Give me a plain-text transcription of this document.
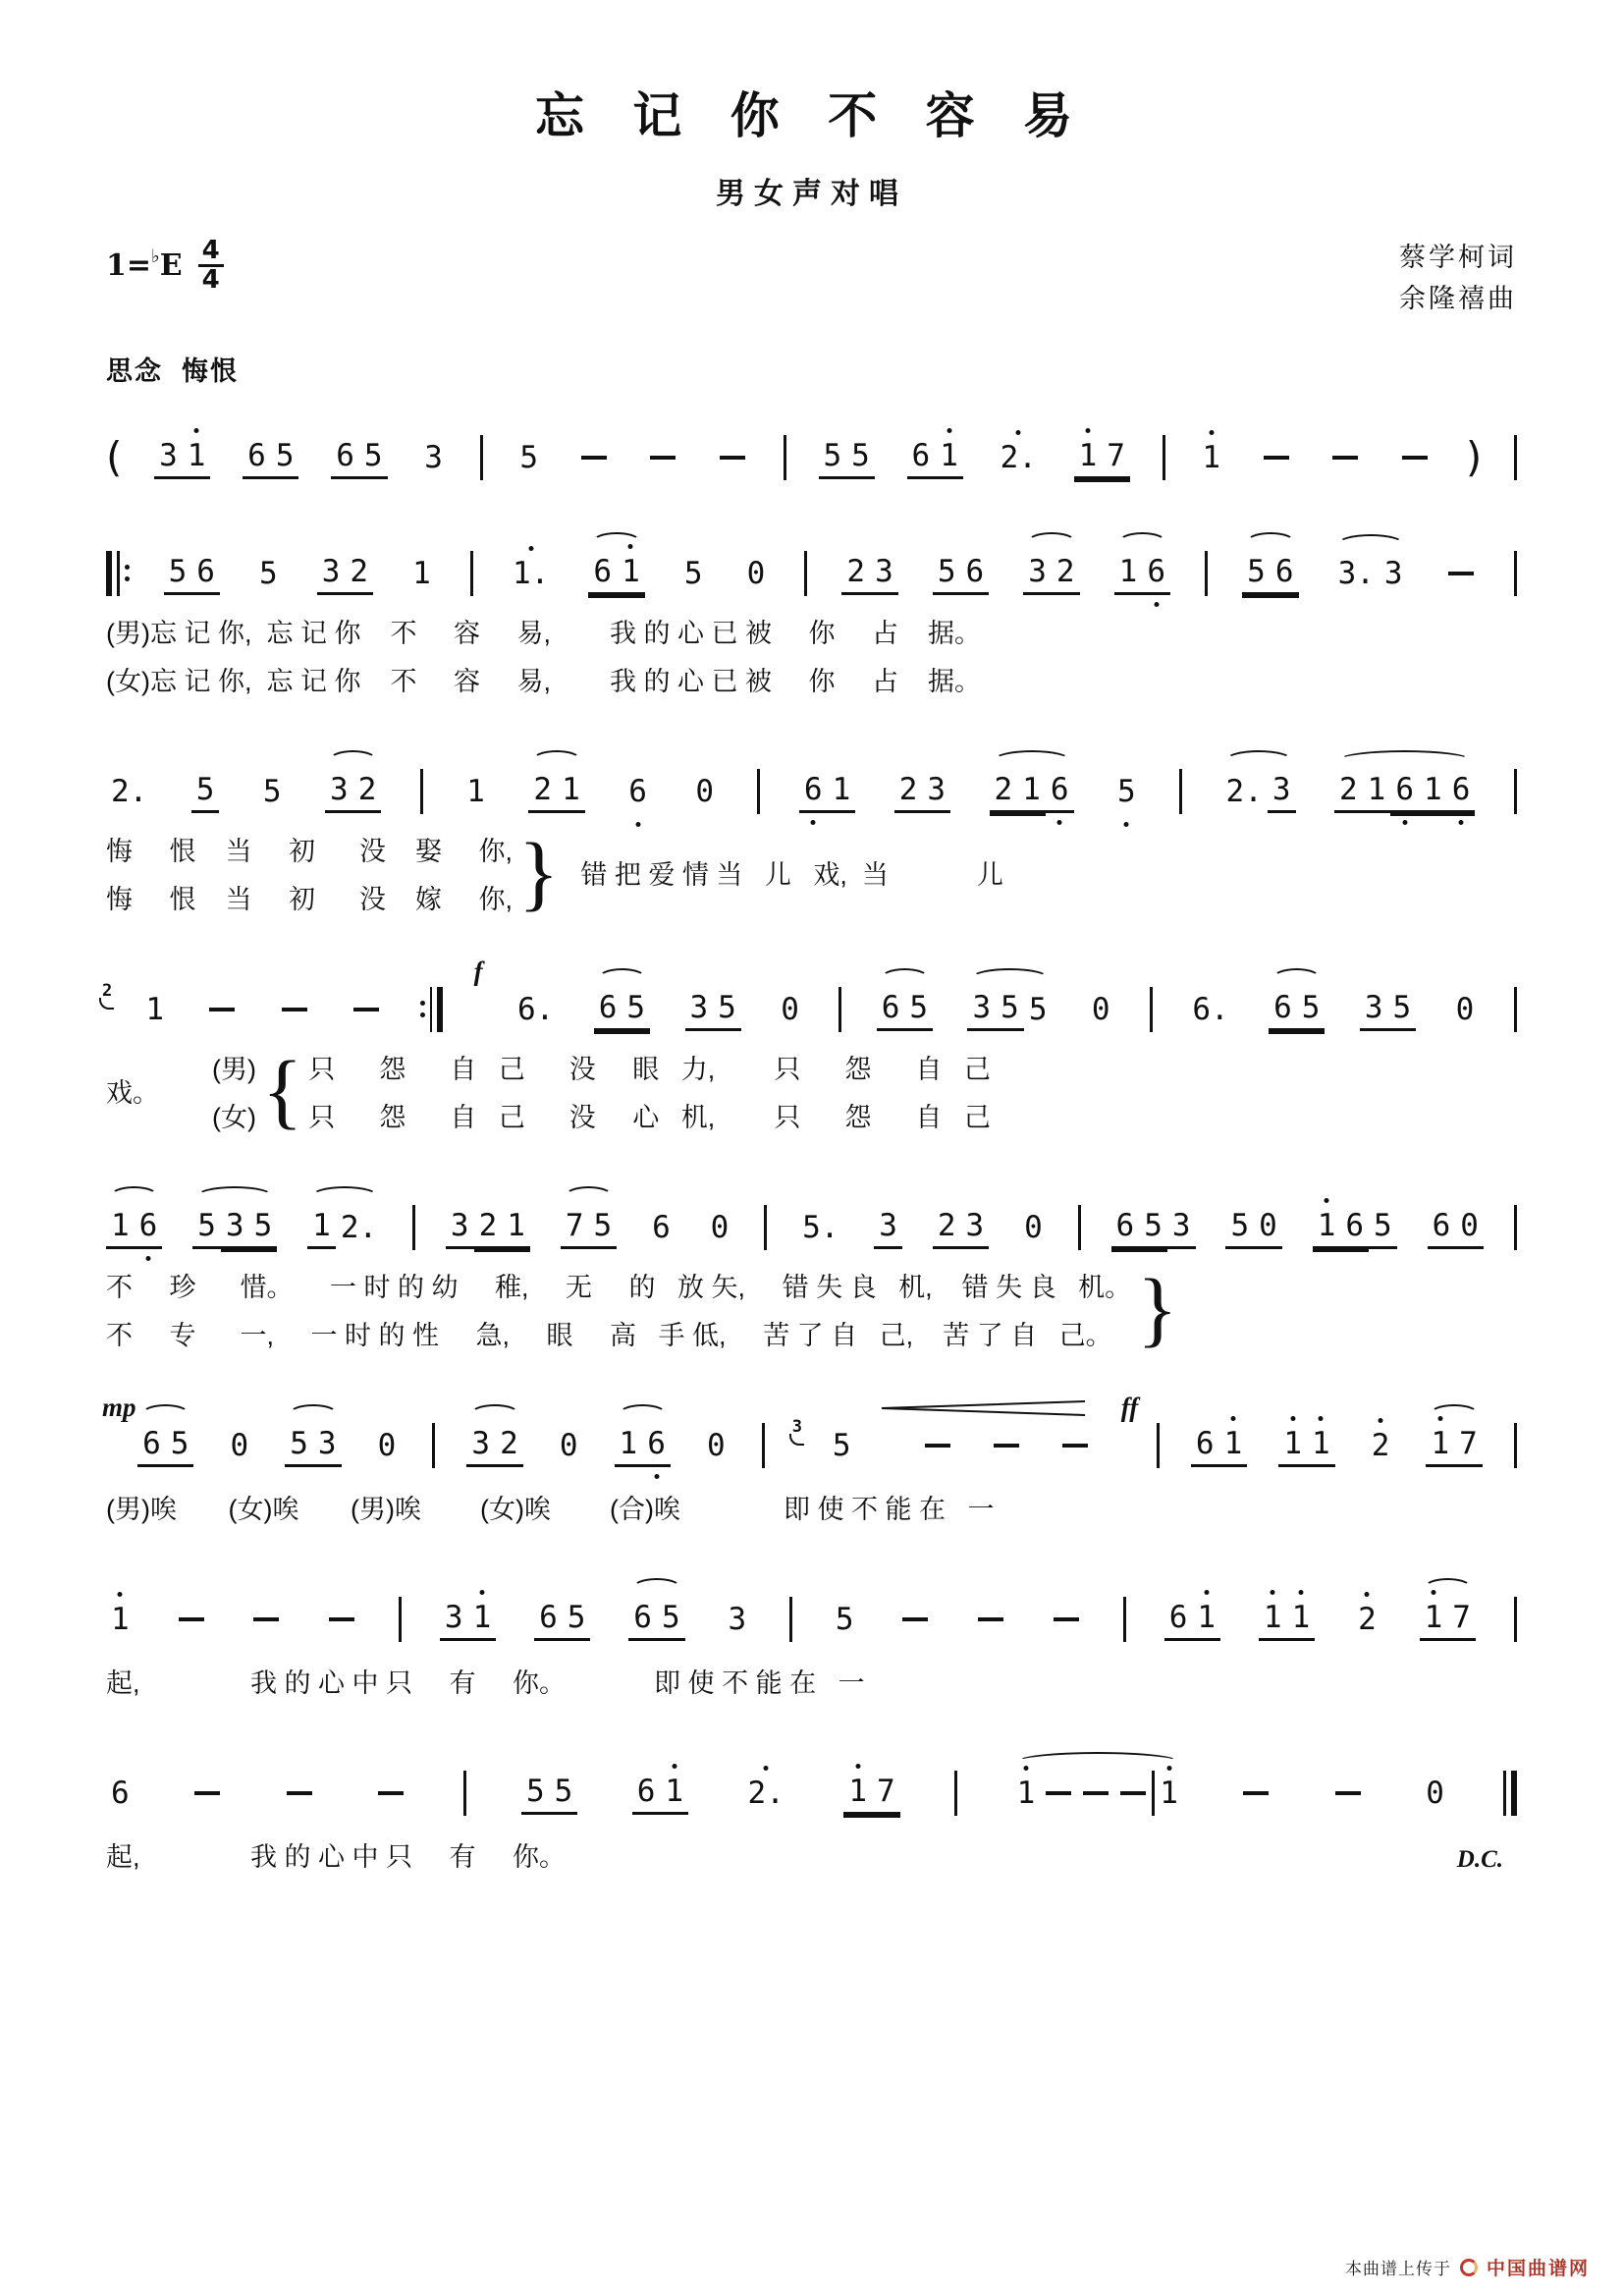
忘 记 你 不 容 易
男女声对唱
1= ♭ E 4
4
蔡学柯词
余隆禧曲
思念  悔恨
( 3 1 6 5 6 5 3	5	5 5 6 1 2. 1 7	1	)
5 6 5 3 2 1	1. 6 1 5 0	2 3 5 6 3 2 1 6	5 6 3. 3
(男)忘 记 你,  忘 记 你    不     容     易,        我 的 心 已 被     你     占    据。
(女)忘 记 你,  忘 记 你    不     容     易,        我 的 心 已 被     你     占    据。
2. 5 5 3 2	1 2 1 6 0	6 1 2 3 2 1 6 5	2. 3 2 1 6 1 6
悔     恨    当     初      没    娶     你,
悔     恨    当     初      没    嫁     你, } 错 把 爱 情 当   儿   戏,  当            儿
2
1
f
6. 6 5 3 5 0	6 5 3 5 5 0	6. 6 5 3 5 0
戏。
(男)
(女) { 只      怨      自   己      没     眼   力,        只      怨      自   己
只      怨      自   己      没     心   机,        只      怨      自   己
1 6 5 3 5 1 2. 3 2 1 7 5 6 0 5. 3 2 3 0 6 5 3 5 0 1 6 5 6 0
不     珍      惜。     一 时 的 幼     稚,     无     的   放 矢,     错 失 良   机,    错 失 良   机。
不     专      一,     一 时 的 性     急,     眼     高   手 低,     苦 了 自   己,    苦 了 自   己。 }
mp
6 5 0 5 3 0 3 2 0 1 6 0
3
5
ff
6 1 1 1 2 1 7
(男)唉       (女)唉       (男)唉        (女)唉        (合)唉              即 使 不 能 在   一
1	3 1 6 5 6 5 3	5	6 1 1 1 2 1 7
起,               我 的 心 中 只     有     你。            即 使 不 能 在   一
6	5 5 6 1 2. 1 7	1	1	0
起,               我 的 心 中 只     有     你。	D.C.
本曲谱上传于 中国曲谱网
